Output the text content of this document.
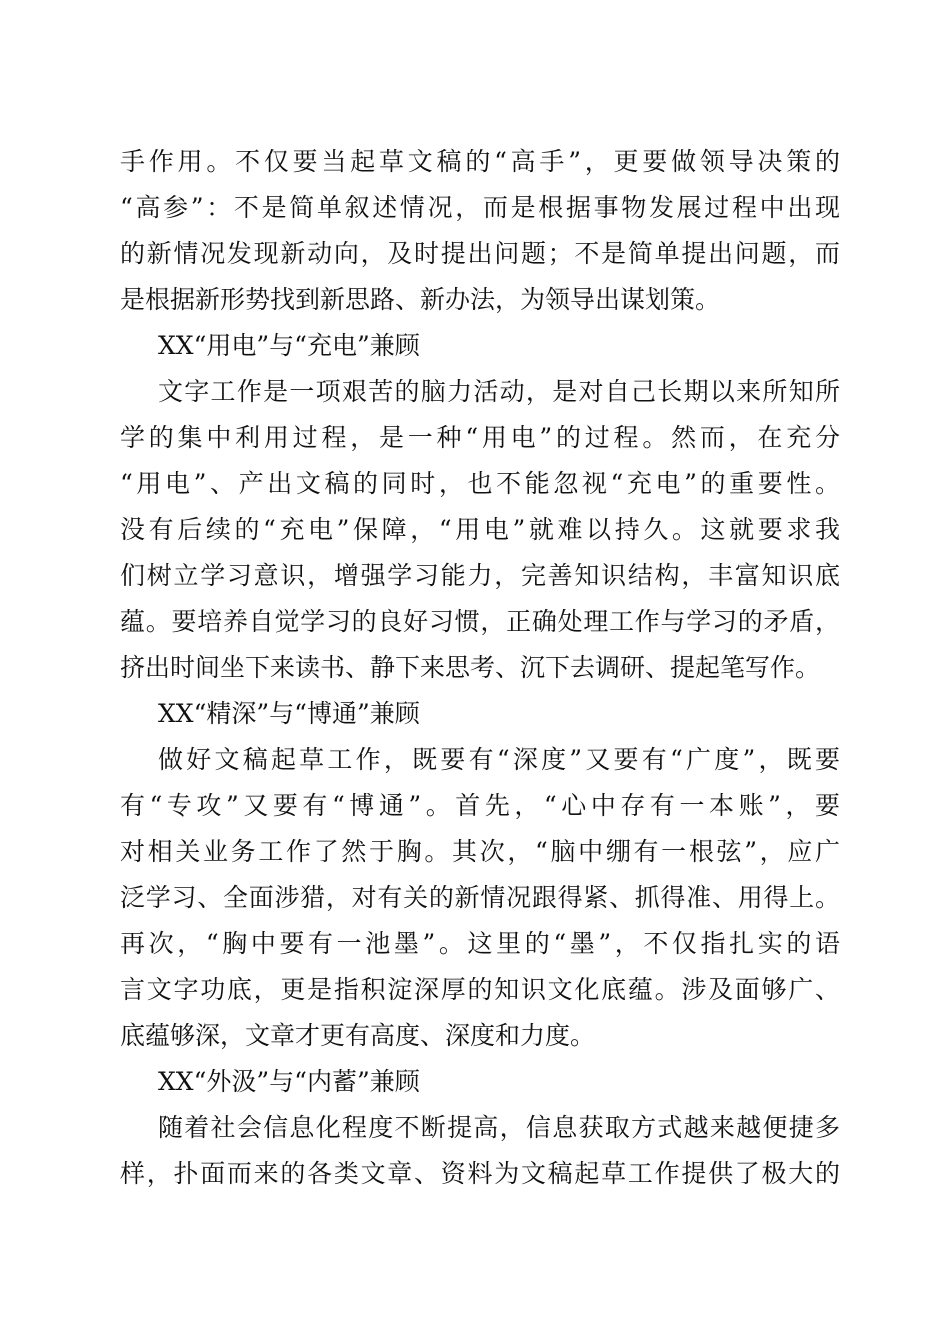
手作用。不仅要当起草文稿的“高手”，更要做领导决策的
“高参”：不是简单叙述情况，而是根据事物发展过程中出现
的新情况发现新动向，及时提出问题；不是简单提出问题，而
是根据新形势找到新思路、新办法，为领导出谋划策。
XX“用电”与“充电”兼顾
文字工作是一项艰苦的脑力活动，是对自己长期以来所知所
学的集中利用过程，是一种“用电”的过程。然而，在充分
“用电”、产出文稿的同时，也不能忽视“充电”的重要性。
没有后续的“充电”保障，“用电”就难以持久。这就要求我
们树立学习意识，增强学习能力，完善知识结构，丰富知识底
蕴。要培养自觉学习的良好习惯，正确处理工作与学习的矛盾，
挤出时间坐下来读书、静下来思考、沉下去调研、提起笔写作。
XX“精深”与“博通”兼顾
做好文稿起草工作，既要有“深度”又要有“广度”，既要
有“专攻”又要有“博通”。首先，“心中存有一本账”，要
对相关业务工作了然于胸。其次，“脑中绷有一根弦”，应广
泛学习、全面涉猎，对有关的新情况跟得紧、抓得准、用得上。
再次，“胸中要有一池墨”。这里的“墨”，不仅指扎实的语
言文字功底，更是指积淀深厚的知识文化底蕴。涉及面够广、
底蕴够深，文章才更有高度、深度和力度。
XX“外汲”与“内蓄”兼顾
随着社会信息化程度不断提高，信息获取方式越来越便捷多
样，扑面而来的各类文章、资料为文稿起草工作提供了极大的
